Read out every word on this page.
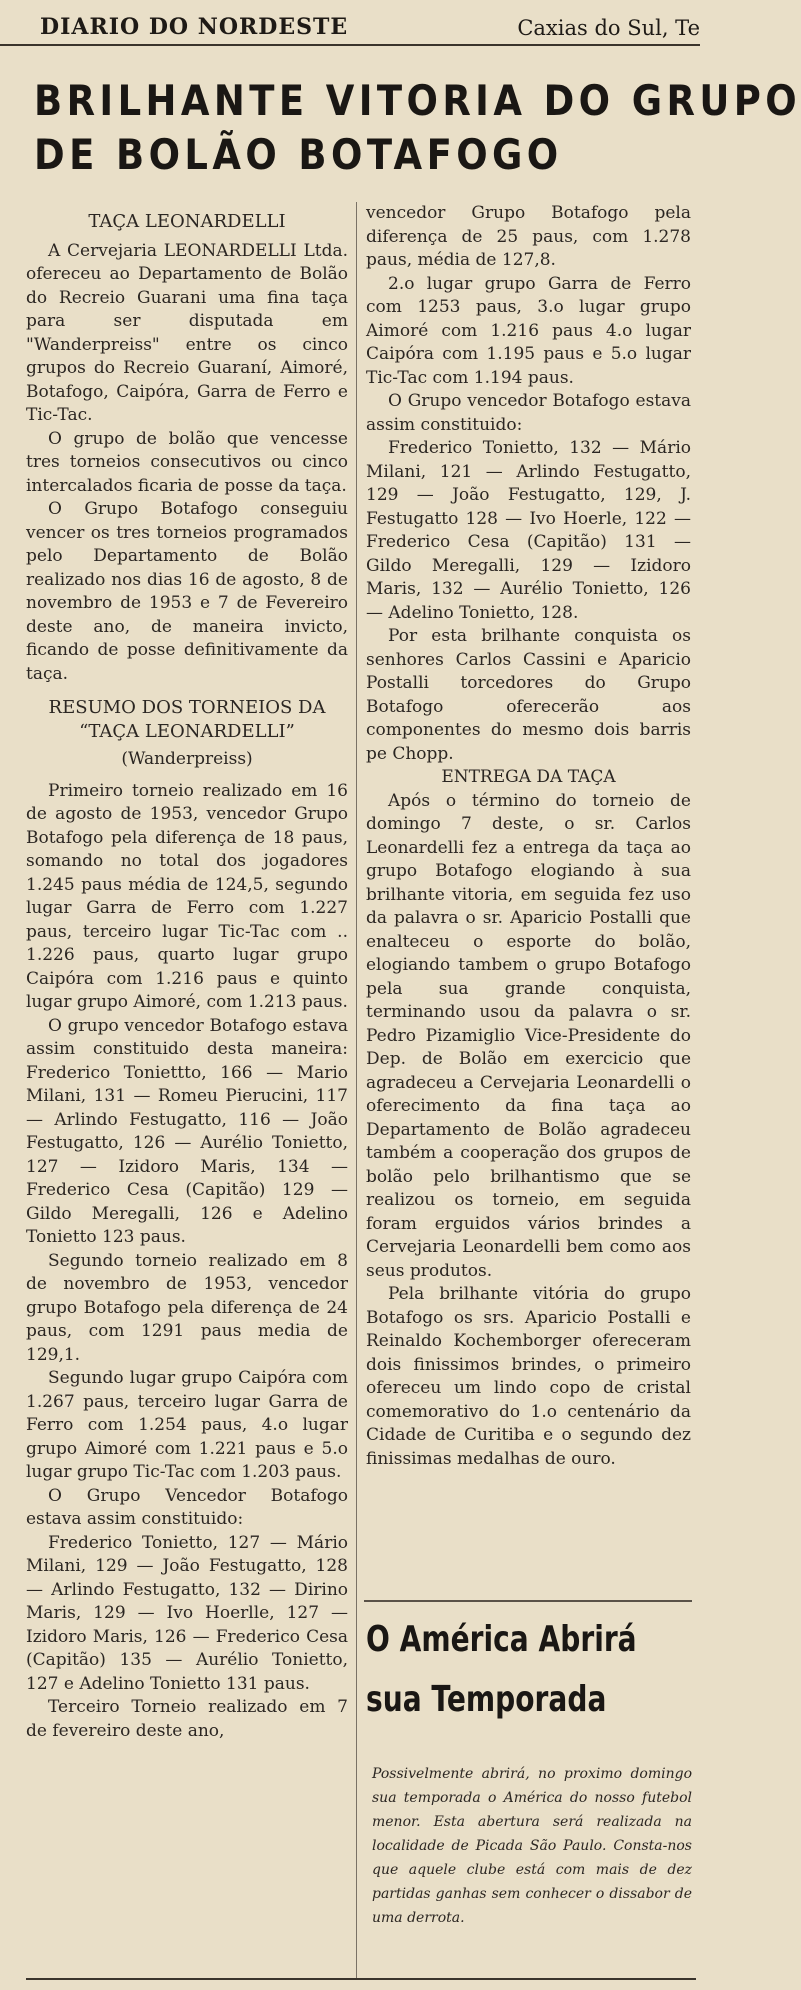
DIARIO DO NORDESTE	Caxias do Sul, Te
BRILHANTE VITORIA DO GRUPO
DE BOLÃO BOTAFOGO

TAÇA LEONARDELLI

A Cervejaria LEONARDELLI Ltda. ofereceu ao Departamento de Bolão do Recreio Guarani uma fina taça para ser disputada em "Wanderpreiss" entre os cinco grupos do Recreio Guaraní, Aimoré, Botafogo, Caipóra, Garra de Ferro e Tic-Tac.

O grupo de bolão que vencesse tres torneios consecutivos ou cinco intercalados ficaria de posse da taça.

O Grupo Botafogo conseguiu vencer os tres torneios programados pelo Departamento de Bolão realizado nos dias 16 de agosto, 8 de novembro de 1953 e 7 de Fevereiro deste ano, de maneira invicto, ficando de posse definitivamente da taça.

RESUMO DOS TORNEIOS DA
“TAÇA LEONARDELLI”

(Wanderpreiss)

Primeiro torneio realizado em 16 de agosto de 1953, vencedor Grupo Botafogo pela diferença de 18 paus, somando no total dos jogadores 1.245 paus média de 124,5, segundo lugar Garra de Ferro com 1.227 paus, terceiro lugar Tic-Tac com .. 1.226 paus, quarto lugar grupo Caipóra com 1.216 paus e quinto lugar grupo Aimoré, com 1.213 paus.

O grupo vencedor Botafogo estava assim constituido desta maneira: Frederico Toniettto, 166 — Mario Milani, 131 — Romeu Pierucini, 117 — Arlindo Festugatto, 116 — João Festugatto, 126 — Aurélio Tonietto, 127 — Izidoro Maris, 134 — Frederico Cesa (Capitão) 129 — Gildo Meregalli, 126 e Adelino Tonietto 123 paus.

Segundo torneio realizado em 8 de novembro de 1953, vencedor grupo Botafogo pela diferença de 24 paus, com 1291 paus media de 129,1.

Segundo lugar grupo Caipóra com 1.267 paus, terceiro lugar Garra de Ferro com 1.254 paus, 4.o lugar grupo Aimoré com 1.221 paus e 5.o lugar grupo Tic-Tac com 1.203 paus.

O Grupo Vencedor Botafogo estava assim constituido:

Frederico Tonietto, 127 — Mário Milani, 129 — João Festugatto, 128 — Arlindo Festugatto, 132 — Dirino Maris, 129 — Ivo Hoerlle, 127 — Izidoro Maris, 126 — Frederico Cesa (Capitão) 135 — Aurélio Tonietto, 127 e Adelino Tonietto 131 paus.

Terceiro Torneio realizado em 7 de fevereiro deste ano,

vencedor Grupo Botafogo pela diferença de 25 paus, com 1.278 paus, média de 127,8.

2.o lugar grupo Garra de Ferro com 1253 paus, 3.o lugar grupo Aimoré com 1.216 paus 4.o lugar Caipóra com 1.195 paus e 5.o lugar Tic-Tac com 1.194 paus.

O Grupo vencedor Botafogo estava assim constituido:

Frederico Tonietto, 132 — Mário Milani, 121 — Arlindo Festugatto, 129 — João Festugatto, 129, J. Festugatto 128 — Ivo Hoerle, 122 — Frederico Cesa (Capitão) 131 — Gildo Meregalli, 129 — Izidoro Maris, 132 — Aurélio Tonietto, 126 — Adelino Tonietto, 128.

Por esta brilhante conquista os senhores Carlos Cassini e Aparicio Postalli torcedores do Grupo Botafogo oferecerão aos componentes do mesmo dois barris pe Chopp.

ENTREGA DA TAÇA

Após o término do torneio de domingo 7 deste, o sr. Carlos Leonardelli fez a entrega da taça ao grupo Botafogo elogiando à sua brilhante vitoria, em seguida fez uso da palavra o sr. Aparicio Postalli que enalteceu o esporte do bolão, elogiando tambem o grupo Botafogo pela sua grande conquista, terminando usou da palavra o sr. Pedro Pizamiglio Vice-Presidente do Dep. de Bolão em exercicio que agradeceu a Cervejaria Leonardelli o oferecimento da fina taça ao Departamento de Bolão agradeceu também a cooperação dos grupos de bolão pelo brilhantismo que se realizou os torneio, em seguida foram erguidos vários brindes a Cervejaria Leonardelli bem como aos seus produtos.

Pela brilhante vitória do grupo Botafogo os srs. Aparicio Postalli e Reinaldo Kochemborger ofereceram dois finissimos brindes, o primeiro ofereceu um lindo copo de cristal comemorativo do 1.o centenário da Cidade de Curitiba e o segundo dez finissimas medalhas de ouro.

O América Abrirá
sua Temporada
Possivelmente abrirá, no proximo domingo sua temporada o América do nosso futebol menor. Esta abertura será realizada na localidade de Picada São Paulo. Consta-nos que aquele clube está com mais de dez partidas ganhas sem conhecer o dissabor de uma derrota.
